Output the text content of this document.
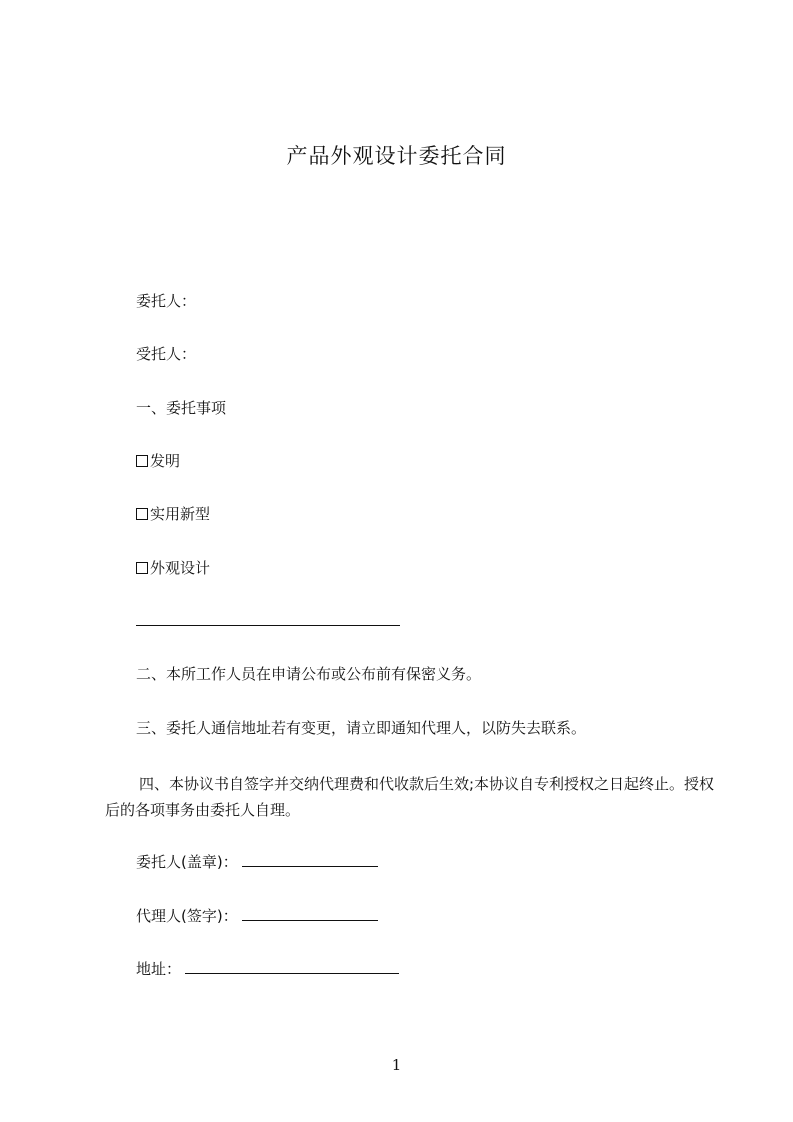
产品外观设计委托合同
委托人：
受托人：
一、委托事项
发明
实用新型
外观设计
二、本所工作人员在申请公布或公布前有保密义务。
三、委托人通信地址若有变更，请立即通知代理人，以防失去联系。
四、本协议书自签字并交纳代理费和代收款后生效;本协议自专利授权之日起终止。授权后的各项事务由委托人自理。
委托人(盖章)：
代理人(签字)：
地址：
1
